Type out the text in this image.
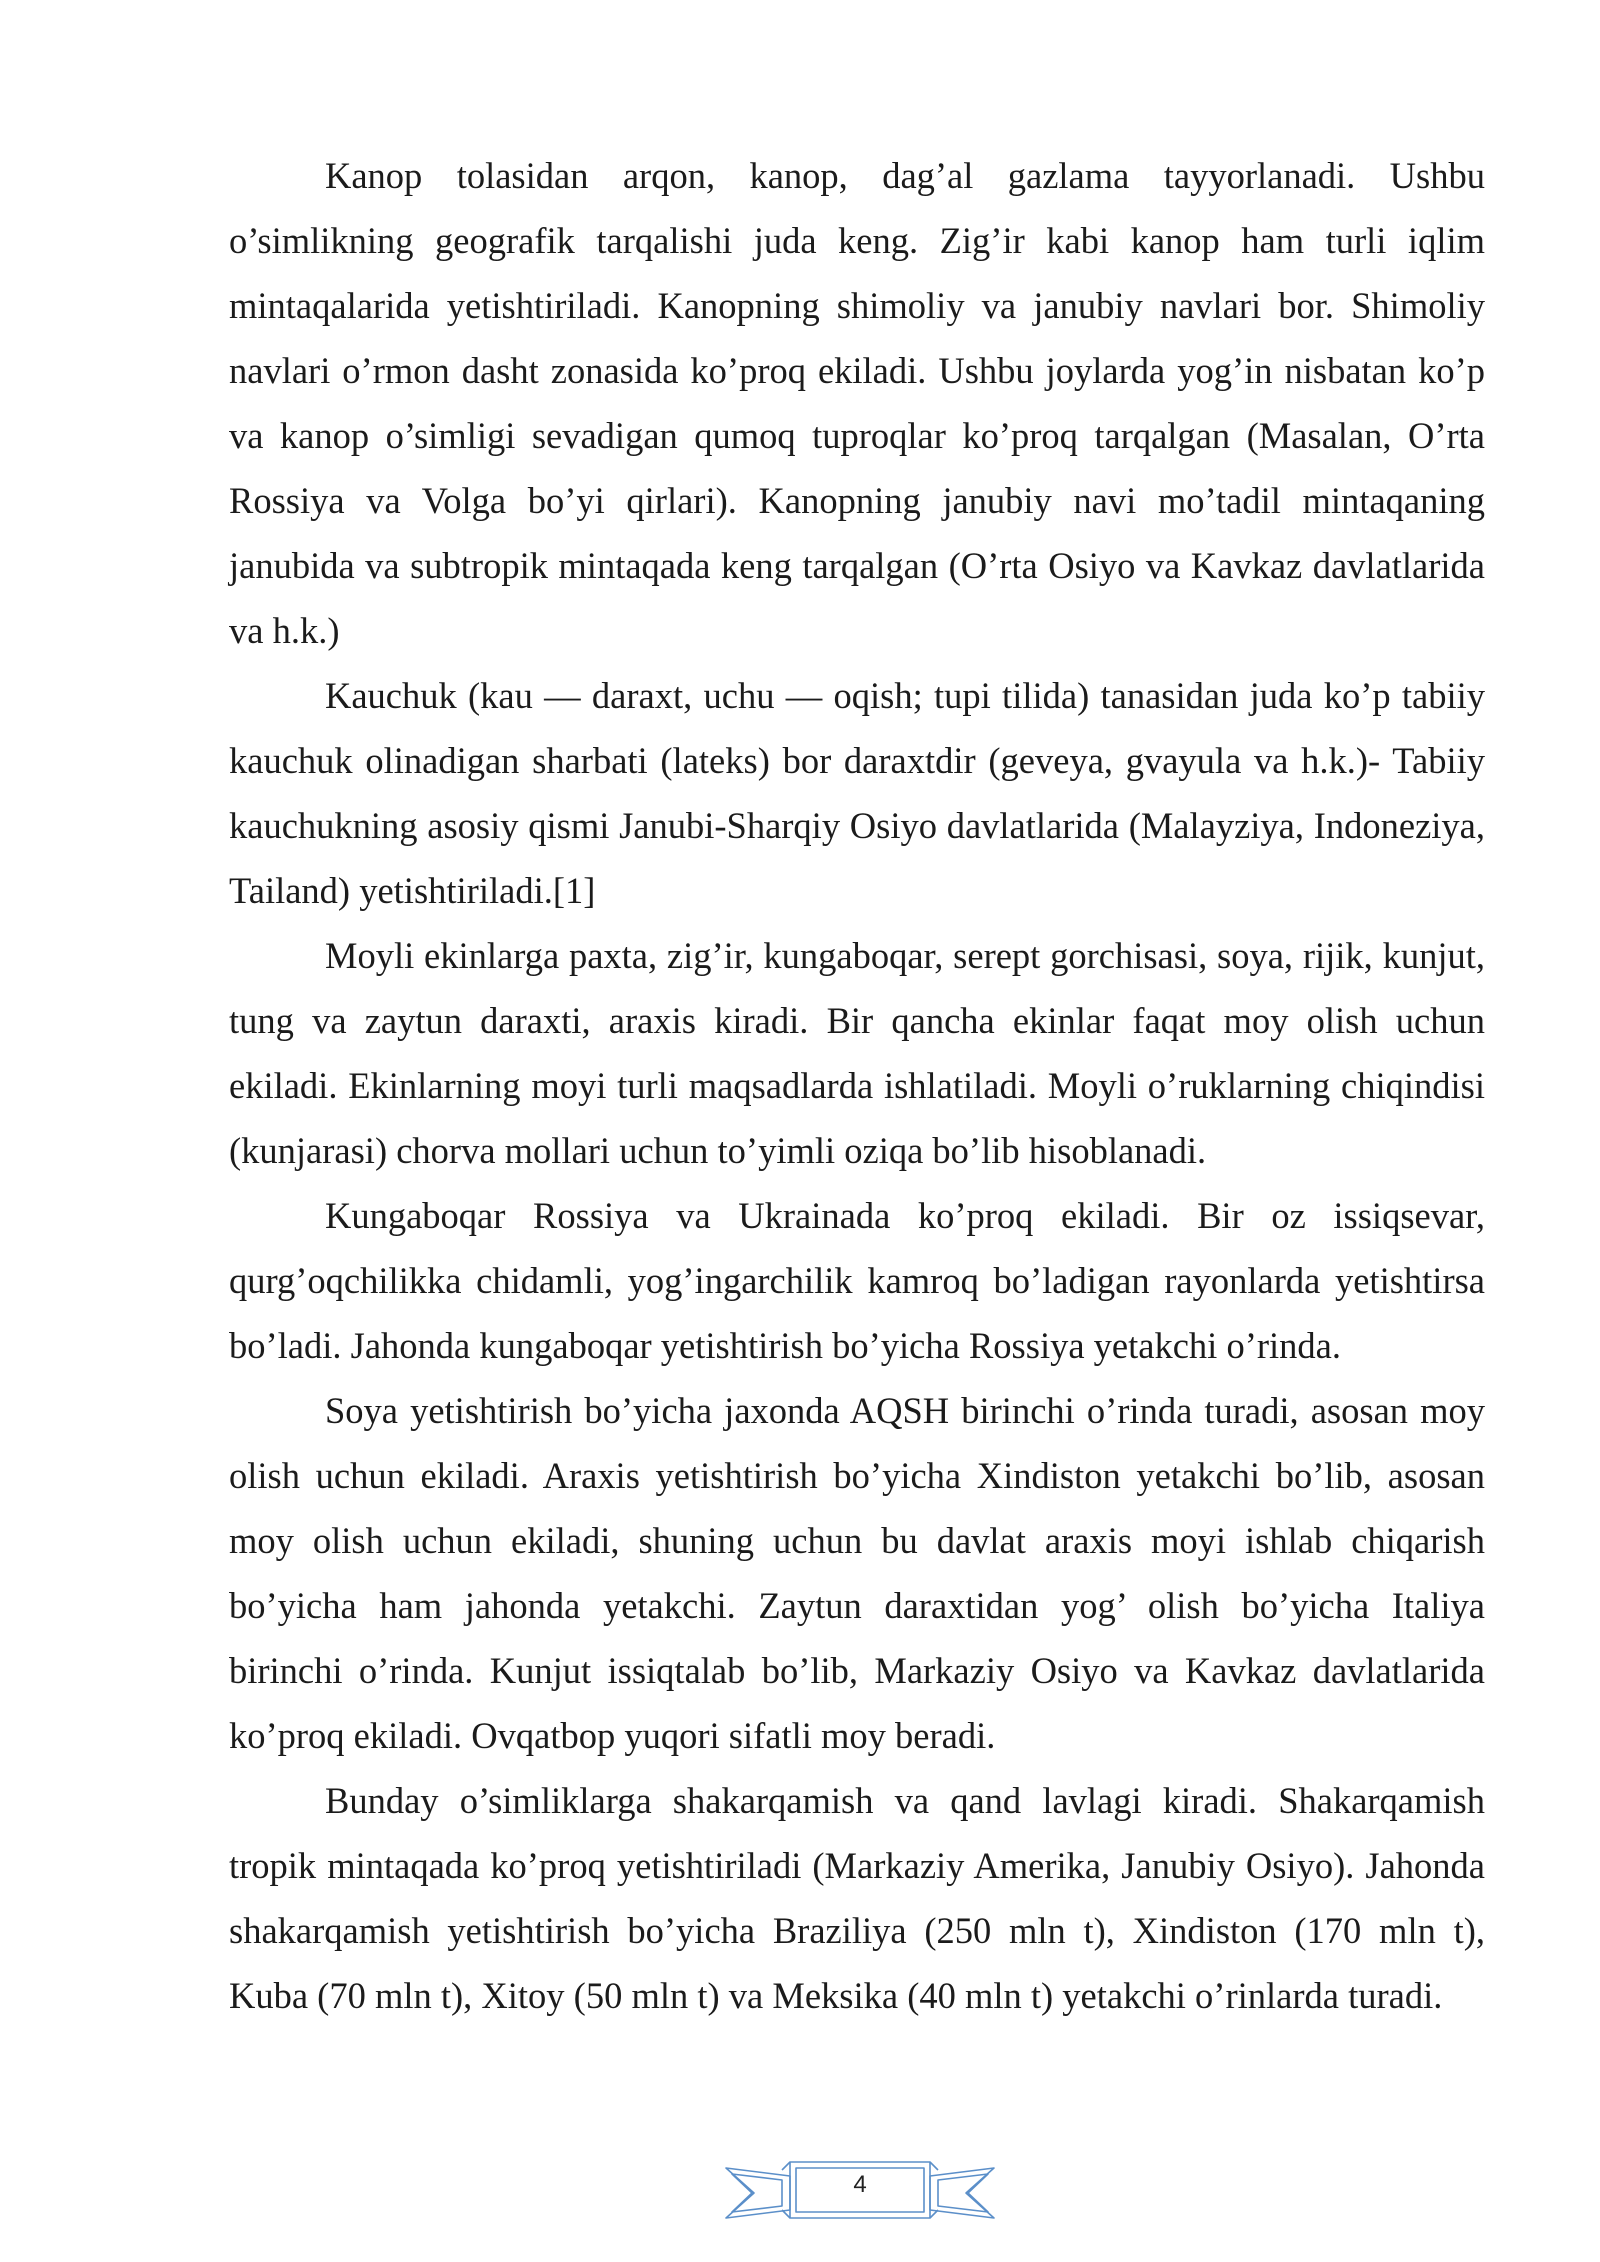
Kanop tolasidan arqon, kanop, dag’al gazlama tayyorlanadi. Ushbu o’simlikning geografik tarqalishi juda keng. Zig’ir kabi kanop ham turli iqlim mintaqalarida yetishtiriladi. Kanopning shimoliy va janubiy navlari bor. Shimoliy navlari o’rmon dasht zonasida ko’proq ekiladi. Ushbu joylarda yog’in nisbatan ko’p va kanop o’simligi sevadigan qumoq tuproqlar ko’proq tarqalgan (Masalan, O’rta Rossiya va Volga bo’yi qirlari). Kanopning janubiy navi mo’tadil mintaqaning janubida va subtropik mintaqada keng tarqalgan (O’rta Osiyo va Kavkaz davlatlarida va h.k.)

Kauchuk (kau — daraxt, uchu — oqish; tupi tilida) tanasidan juda ko’p tabiiy kauchuk olinadigan sharbati (lateks) bor daraxtdir (geveya, gvayula va h.k.)- Tabiiy kauchukning asosiy qismi Janubi-Sharqiy Osiyo davlatlarida (Malayziya, Indoneziya, Tailand) yetishtiriladi.[1]

Moyli ekinlarga paxta, zig’ir, kungaboqar, serept gorchisasi, soya, rijik, kunjut, tung va zaytun daraxti, araxis kiradi. Bir qancha ekinlar faqat moy olish uchun ekiladi. Ekinlarning moyi turli maqsadlarda ishlatiladi. Moyli o’ruklarning chiqindisi (kunjarasi) chorva mollari uchun to’yimli oziqa bo’lib hisoblanadi.

Kungaboqar Rossiya va Ukrainada ko’proq ekiladi. Bir oz issiqsevar, qurg’oqchilikka chidamli, yog’ingarchilik kamroq bo’ladigan rayonlarda yetishtirsa bo’ladi. Jahonda kungaboqar yetishtirish bo’yicha Rossiya yetakchi o’rinda.

Soya yetishtirish bo’yicha jaxonda AQSH birinchi o’rinda turadi, asosan moy olish uchun ekiladi. Araxis yetishtirish bo’yicha Xindiston yetakchi bo’lib, asosan moy olish uchun ekiladi, shuning uchun bu davlat araxis moyi ishlab chiqarish bo’yicha ham jahonda yetakchi. Zaytun daraxtidan yog’ olish bo’yicha Italiya birinchi o’rinda. Kunjut issiqtalab bo’lib, Markaziy Osiyo va Kavkaz davlatlarida ko’proq ekiladi. Ovqatbop yuqori sifatli moy beradi.

Bunday o’simliklarga shakarqamish va qand lavlagi kiradi. Shakarqamish tropik mintaqada ko’proq yetishtiriladi (Markaziy Amerika, Janubiy Osiyo). Jahonda shakarqamish yetishtirish bo’yicha Braziliya (250 mln t), Xindiston (170 mln t), Kuba (70 mln t), Xitoy (50 mln t) va Meksika (40 mln t) yetakchi o’rinlarda turadi.

4
